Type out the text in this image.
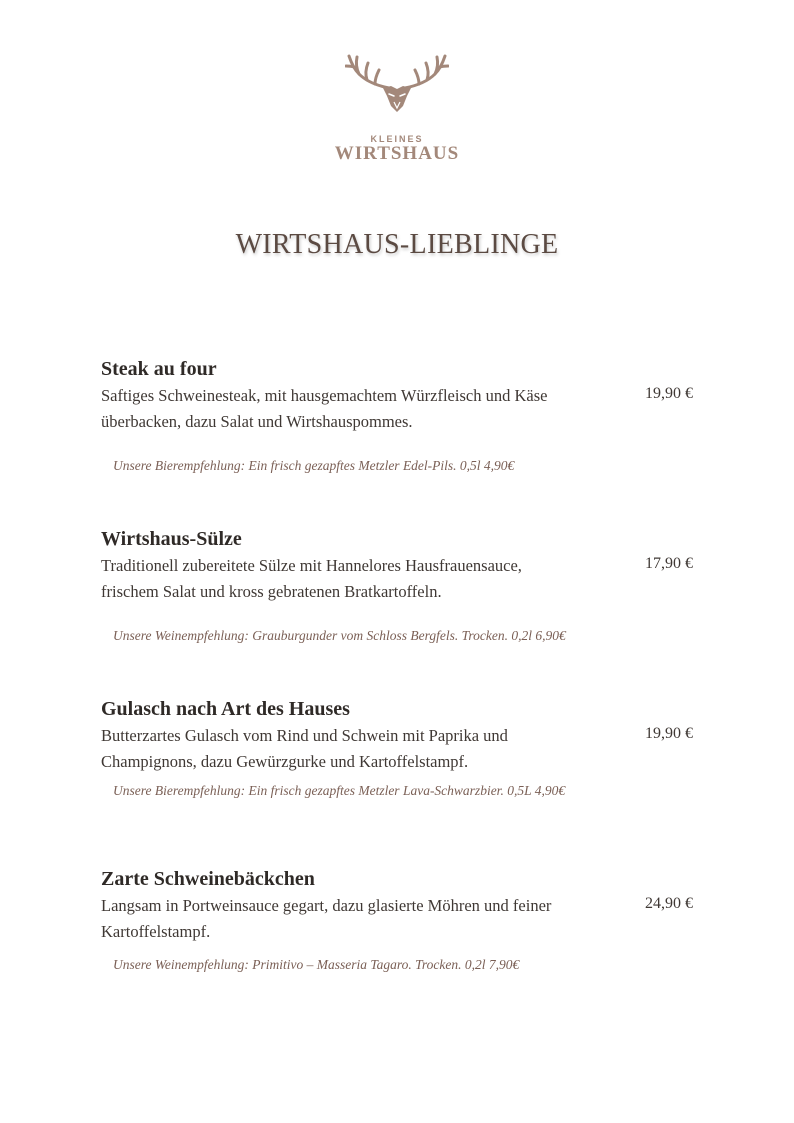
KLEINES
WIRTSHAUS
WIRTSHAUS-LIEBLINGE
Steak au four
Saftiges Schweinesteak, mit hausgemachtem Würzfleisch und Käse überbacken, dazu Salat und Wirtshauspommes.
19,90 €
Unsere Bierempfehlung: Ein frisch gezapftes Metzler Edel-Pils. 0,5l 4,90€
Wirtshaus-Sülze
Traditionell zubereitete Sülze mit Hannelores Hausfrauensauce, frischem Salat und kross gebratenen Bratkartoffeln.
17,90 €
Unsere Weinempfehlung: Grauburgunder vom Schloss Bergfels. Trocken. 0,2l 6,90€
Gulasch nach Art des Hauses
Butterzartes Gulasch vom Rind und Schwein mit Paprika und Champignons, dazu Gewürzgurke und Kartoffelstampf.
19,90 €
Unsere Bierempfehlung: Ein frisch gezapftes Metzler Lava-Schwarzbier. 0,5L 4,90€
Zarte Schweinebäckchen
Langsam in Portweinsauce gegart, dazu glasierte Möhren und feiner Kartoffelstampf.
24,90 €
Unsere Weinempfehlung: Primitivo – Masseria Tagaro. Trocken. 0,2l 7,90€
